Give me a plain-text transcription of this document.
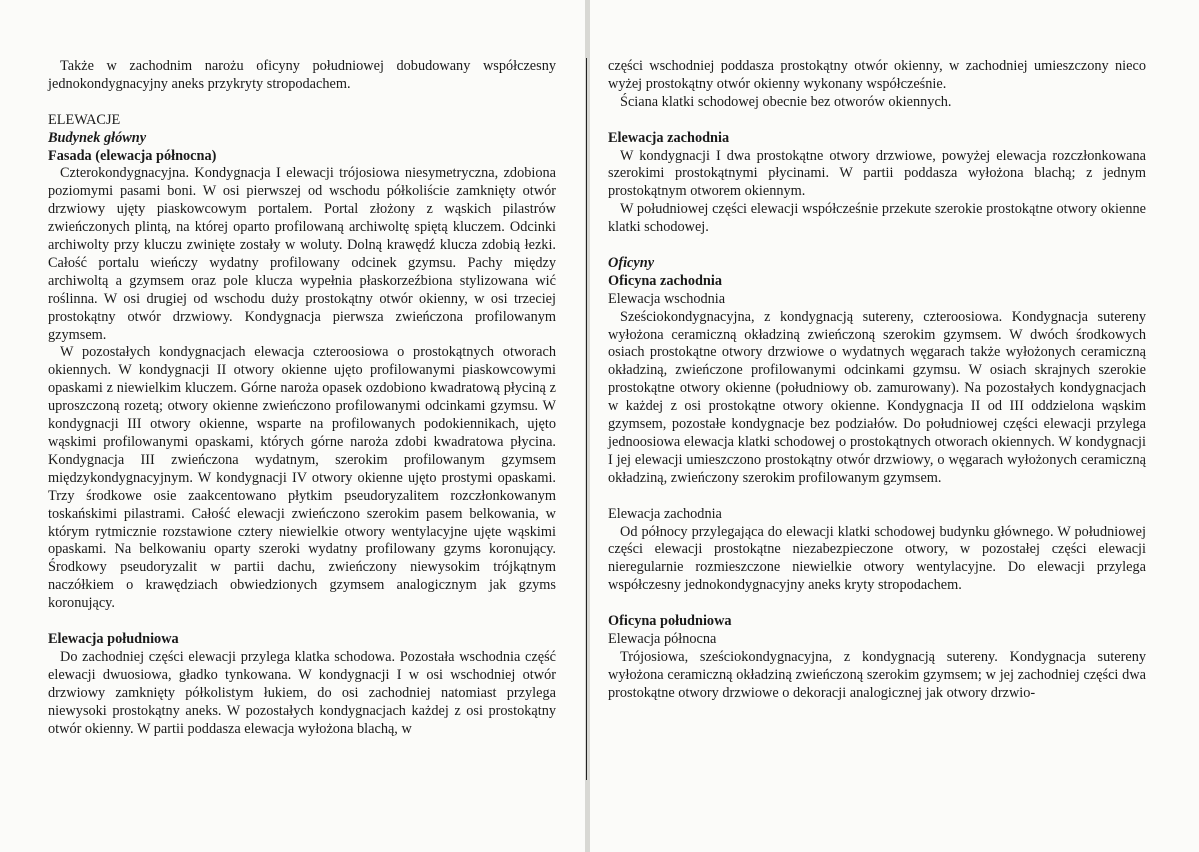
Także w zachodnim narożu oficyny południowej dobudowany współczesny jednokondygnacyjny aneks przykryty stropodachem.

ELEWACJE
Budynek główny
Fasada (elewacja północna)

Czterokondygnacyjna. Kondygnacja I elewacji trójosiowa niesymetryczna, zdobiona poziomymi pasami boni. W osi pierwszej od wschodu półkoliście zamknięty otwór drzwiowy ujęty piaskowcowym portalem. Portal złożony z wąskich pilastrów zwieńczonych plintą, na której oparto profilowaną archiwoltę spiętą kluczem. Odcinki archiwolty przy kluczu zwinięte zostały w woluty. Dolną krawędź klucza zdobią łezki. Całość portalu wieńczy wydatny profilowany odcinek gzymsu. Pachy między archiwoltą a gzymsem oraz pole klucza wypełnia płaskorzeźbiona stylizowana wić roślinna. W osi drugiej od wschodu duży prostokątny otwór okienny, w osi trzeciej prostokątny otwór drzwiowy. Kondygnacja pierwsza zwieńczona profilowanym gzymsem.

W pozostałych kondygnacjach elewacja czteroosiowa o prostokątnych otworach okiennych. W kondygnacji II otwory okienne ujęto profilowanymi piaskowcowymi opaskami z niewielkim kluczem. Górne naroża opasek ozdobiono kwadratową płyciną z uproszczoną rozetą; otwory okienne zwieńczono profilowanymi odcinkami gzymsu. W kondygnacji III otwory okienne, wsparte na profilowanych podokiennikach, ujęto wąskimi profilowanymi opaskami, których górne naroża zdobi kwadratowa płycina. Kondygnacja III zwieńczona wydatnym, szerokim profilowanym gzymsem międzykondygnacyjnym. W kondygnacji IV otwory okienne ujęto prostymi opaskami. Trzy środkowe osie zaakcentowano płytkim pseudoryzalitem rozczłonkowanym toskańskimi pilastrami. Całość elewacji zwieńczono szerokim pasem belkowania, w którym rytmicznie rozstawione cztery niewielkie otwory wentylacyjne ujęte wąskimi opaskami. Na belkowaniu oparty szeroki wydatny profilowany gzyms koronujący. Środkowy pseudoryzalit w partii dachu, zwieńczony niewysokim trójkątnym naczółkiem o krawędziach obwiedzionych gzymsem analogicznym jak gzyms koronujący.

Elewacja południowa

Do zachodniej części elewacji przylega klatka schodowa. Pozostała wschodnia część elewacji dwuosiowa, gładko tynkowana. W kondygnacji I w osi wschodniej otwór drzwiowy zamknięty półkolistym łukiem, do osi zachodniej natomiast przylega niewysoki prostokątny aneks. W pozostałych kondygnacjach każdej z osi prostokątny otwór okienny. W partii poddasza elewacja wyłożona blachą, w

części wschodniej poddasza prostokątny otwór okienny, w zachodniej umieszczony nieco wyżej prostokątny otwór okienny wykonany współcześnie.

Ściana klatki schodowej obecnie bez otworów okiennych.

Elewacja zachodnia

W kondygnacji I dwa prostokątne otwory drzwiowe, powyżej elewacja rozczłonkowana szerokimi prostokątnymi płycinami. W partii poddasza wyłożona blachą; z jednym prostokątnym otworem okiennym.

W południowej części elewacji współcześnie przekute szerokie prostokątne otwory okienne klatki schodowej.

Oficyny
Oficyna zachodnia
Elewacja wschodnia

Sześciokondygnacyjna, z kondygnacją sutereny, czteroosiowa. Kondygnacja sutereny wyłożona ceramiczną okładziną zwieńczoną szerokim gzymsem. W dwóch środkowych osiach prostokątne otwory drzwiowe o wydatnych węgarach także wyłożonych ceramiczną okładziną, zwieńczone profilowanymi odcinkami gzymsu. W osiach skrajnych szerokie prostokątne otwory okienne (południowy ob. zamurowany). Na pozostałych kondygnacjach w każdej z osi prostokątne otwory okienne. Kondygnacja II od III oddzielona wąskim gzymsem, pozostałe kondygnacje bez podziałów. Do południowej części elewacji przylega jednoosiowa elewacja klatki schodowej o prostokątnych otworach okiennych. W kondygnacji I jej elewacji umieszczono prostokątny otwór drzwiowy, o węgarach wyłożonych ceramiczną okładziną, zwieńczony szerokim profilowanym gzymsem.

Elewacja zachodnia

Od północy przylegająca do elewacji klatki schodowej budynku głównego. W południowej części elewacji prostokątne niezabezpieczone otwory, w pozostałej części elewacji nieregularnie rozmieszczone niewielkie otwory wentylacyjne. Do elewacji przylega współczesny jednokondygnacyjny aneks kryty stropodachem.

Oficyna południowa
Elewacja północna

Trójosiowa, sześciokondygnacyjna, z kondygnacją sutereny. Kondygnacja sutereny wyłożona ceramiczną okładziną zwieńczoną szerokim gzymsem; w jej zachodniej części dwa prostokątne otwory drzwiowe o dekoracji analogicznej jak otwory drzwio-
